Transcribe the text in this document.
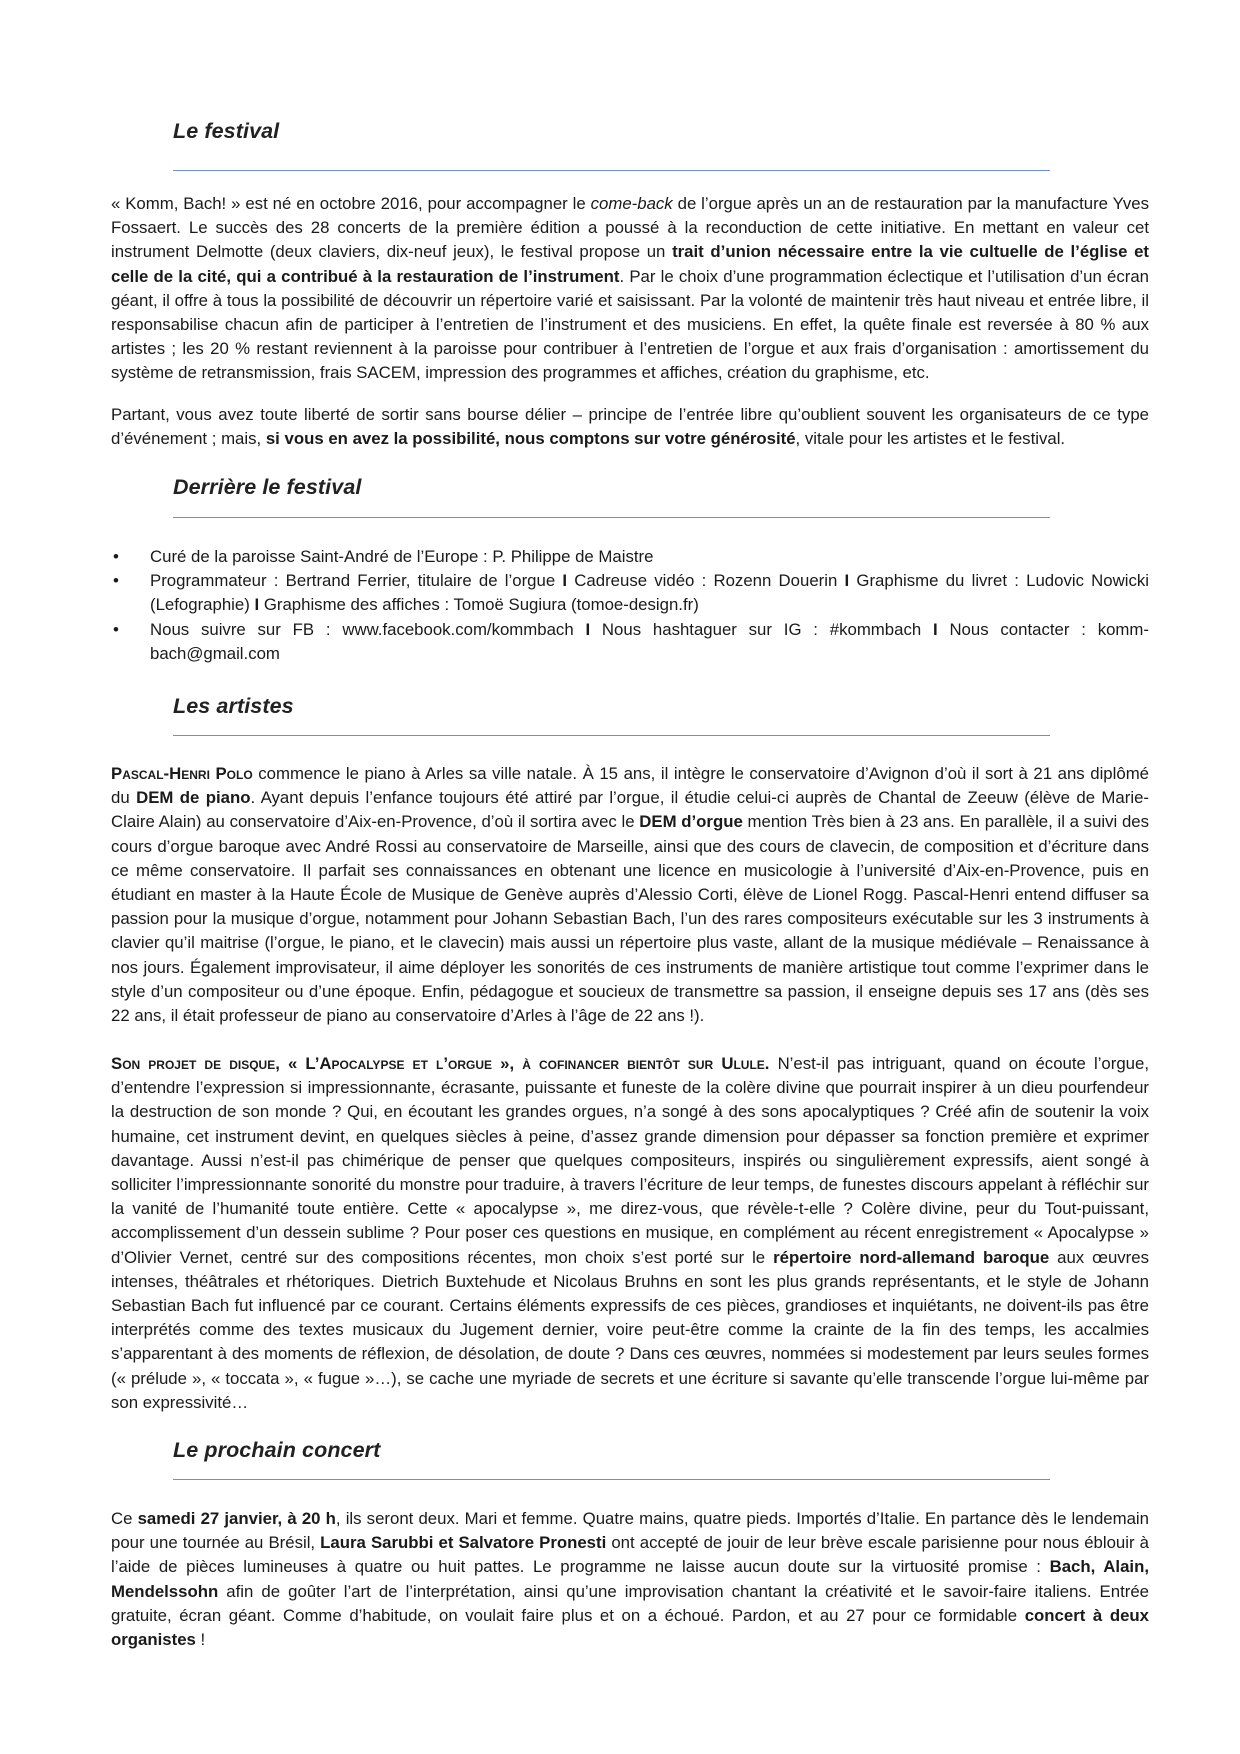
Le festival

« Komm, Bach! » est né en octobre 2016, pour accompagner le come-back de l’orgue après un an de restauration par la manufacture Yves Fossaert. Le succès des 28 concerts de la première édition a poussé à la reconduction de cette initiative. En mettant en valeur cet instrument Delmotte (deux claviers, dix-neuf jeux), le festival propose un trait d’union nécessaire entre la vie cultuelle de l’église et celle de la cité, qui a contribué à la restauration de l’instrument. Par le choix d’une programmation éclectique et l’utilisation d’un écran géant, il offre à tous la possibilité de découvrir un répertoire varié et saisissant. Par la volonté de maintenir très haut niveau et entrée libre, il responsabilise chacun afin de participer à l’entretien de l’instrument et des musiciens. En effet, la quête finale est reversée à 80 % aux artistes ; les 20 % restant reviennent à la paroisse pour contribuer à l’entretien de l’orgue et aux frais d’organisation : amortissement du système de retransmission, frais SACEM, impression des programmes et affiches, création du graphisme, etc.

Partant, vous avez toute liberté de sortir sans bourse délier – principe de l’entrée libre qu’oublient souvent les organisateurs de ce type d’événement ; mais, si vous en avez la possibilité, nous comptons sur votre générosité, vitale pour les artistes et le festival.

Derrière le festival
• Curé de la paroisse Saint-André de l’Europe : P. Philippe de Maistre
• Programmateur : Bertrand Ferrier, titulaire de l’orgue I Cadreuse vidéo : Rozenn Douerin I Graphisme du livret : Ludovic Nowicki (Lefographie) I Graphisme des affiches : Tomoë Sugiura (tomoe-design.fr)
• Nous suivre sur FB : www.facebook.com/kommbach I Nous hashtaguer sur IG : #kommbach I Nous contacter : komm-bach@gmail.com
Les artistes

Pascal-Henri Polo commence le piano à Arles sa ville natale. À 15 ans, il intègre le conservatoire d’Avignon d’où il sort à 21 ans diplômé du DEM de piano. Ayant depuis l’enfance toujours été attiré par l’orgue, il étudie celui-ci auprès de Chantal de Zeeuw (élève de Marie-Claire Alain) au conservatoire d’Aix-en-Provence, d’où il sortira avec le DEM d’orgue mention Très bien à 23 ans. En parallèle, il a suivi des cours d’orgue baroque avec André Rossi au conservatoire de Marseille, ainsi que des cours de clavecin, de composition et d’écriture dans ce même conservatoire. Il parfait ses connaissances en obtenant une licence en musicologie à l’université d’Aix-en-Provence, puis en étudiant en master à la Haute École de Musique de Genève auprès d’Alessio Corti, élève de Lionel Rogg. Pascal-Henri entend diffuser sa passion pour la musique d’orgue, notamment pour Johann Sebastian Bach, l’un des rares compositeurs exécutable sur les 3 instruments à clavier qu’il maitrise (l’orgue, le piano, et le clavecin) mais aussi un répertoire plus vaste, allant de la musique médiévale – Renaissance à nos jours. Également improvisateur, il aime déployer les sonorités de ces instruments de manière artistique tout comme l’exprimer dans le style d’un compositeur ou d’une époque. Enfin, pédagogue et soucieux de transmettre sa passion, il enseigne depuis ses 17 ans (dès ses 22 ans, il était professeur de piano au conservatoire d’Arles à l’âge de 22 ans !).

Son projet de disque, « L’Apocalypse et l’orgue », à cofinancer bientôt sur Ulule. N’est-il pas intriguant, quand on écoute l’orgue, d’entendre l’expression si impressionnante, écrasante, puissante et funeste de la colère divine que pourrait inspirer à un dieu pourfendeur la destruction de son monde ? Qui, en écoutant les grandes orgues, n’a songé à des sons apocalyptiques ? Créé afin de soutenir la voix humaine, cet instrument devint, en quelques siècles à peine, d’assez grande dimension pour dépasser sa fonction première et exprimer davantage. Aussi n’est-il pas chimérique de penser que quelques compositeurs, inspirés ou singulièrement expressifs, aient songé à solliciter l’impressionnante sonorité du monstre pour traduire, à travers l’écriture de leur temps, de funestes discours appelant à réfléchir sur la vanité de l’humanité toute entière. Cette « apocalypse », me direz-vous, que révèle-t-elle ? Colère divine, peur du Tout-puissant, accomplissement d’un dessein sublime ? Pour poser ces questions en musique, en complément au récent enregistrement « Apocalypse » d’Olivier Vernet, centré sur des compositions récentes, mon choix s’est porté sur le répertoire nord-allemand baroque aux œuvres intenses, théâtrales et rhétoriques. Dietrich Buxtehude et Nicolaus Bruhns en sont les plus grands représentants, et le style de Johann Sebastian Bach fut influencé par ce courant. Certains éléments expressifs de ces pièces, grandioses et inquiétants, ne doivent-ils pas être interprétés comme des textes musicaux du Jugement dernier, voire peut-être comme la crainte de la fin des temps, les accalmies s’apparentant à des moments de réflexion, de désolation, de doute ? Dans ces œuvres, nommées si modestement par leurs seules formes (« prélude », « toccata », « fugue »…), se cache une myriade de secrets et une écriture si savante qu’elle transcende l’orgue lui-même par son expressivité…

Le prochain concert

Ce samedi 27 janvier, à 20 h, ils seront deux. Mari et femme. Quatre mains, quatre pieds. Importés d’Italie. En partance dès le lendemain pour une tournée au Brésil, Laura Sarubbi et Salvatore Pronesti ont accepté de jouir de leur brève escale parisienne pour nous éblouir à l’aide de pièces lumineuses à quatre ou huit pattes. Le programme ne laisse aucun doute sur la virtuosité promise : Bach, Alain, Mendelssohn afin de goûter l’art de l’interprétation, ainsi qu’une improvisation chantant la créativité et le savoir-faire italiens. Entrée gratuite, écran géant. Comme d’habitude, on voulait faire plus et on a échoué. Pardon, et au 27 pour ce formidable concert à deux organistes !
